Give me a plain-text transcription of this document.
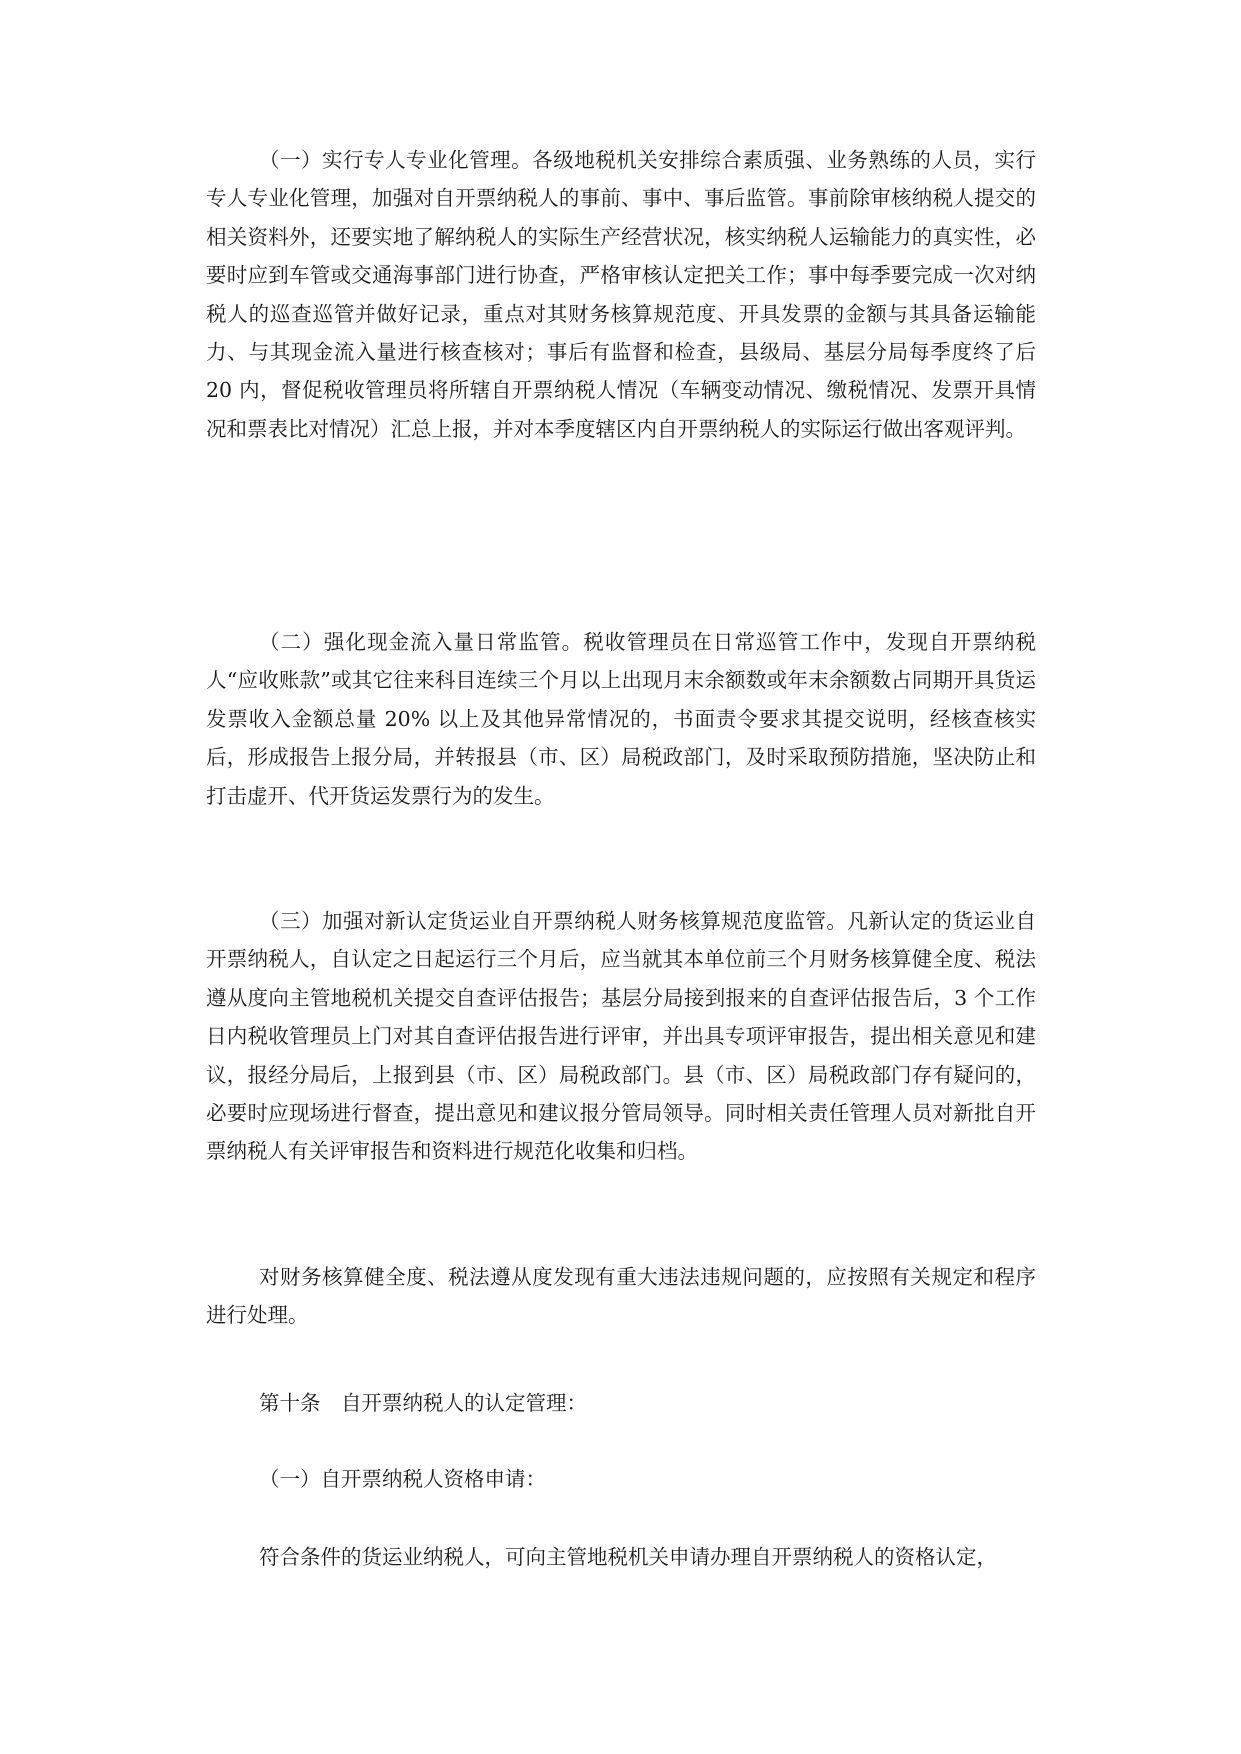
（一）实行专人专业化管理。各级地税机关安排综合素质强、业务熟练的人员，实行专人专业化管理，加强对自开票纳税人的事前、事中、事后监管。事前除审核纳税人提交的相关资料外，还要实地了解纳税人的实际生产经营状况，核实纳税人运输能力的真实性，必要时应到车管或交通海事部门进行协查，严格审核认定把关工作；事中每季要完成一次对纳税人的巡查巡管并做好记录，重点对其财务核算规范度、开具发票的金额与其具备运输能力、与其现金流入量进行核查核对；事后有监督和检查，县级局、基层分局每季度终了后 20 内，督促税收管理员将所辖自开票纳税人情况（车辆变动情况、缴税情况、发票开具情况和票表比对情况）汇总上报，并对本季度辖区内自开票纳税人的实际运行做出客观评判。

（二）强化现金流入量日常监管。税收管理员在日常巡管工作中，发现自开票纳税人“应收账款”或其它往来科目连续三个月以上出现月末余额数或年末余额数占同期开具货运发票收入金额总量 20% 以上及其他异常情况的，书面责令要求其提交说明，经核查核实后，形成报告上报分局，并转报县（市、区）局税政部门，及时采取预防措施，坚决防止和打击虚开、代开货运发票行为的发生。

（三）加强对新认定货运业自开票纳税人财务核算规范度监管。凡新认定的货运业自开票纳税人，自认定之日起运行三个月后，应当就其本单位前三个月财务核算健全度、税法遵从度向主管地税机关提交自查评估报告；基层分局接到报来的自查评估报告后，3 个工作日内税收管理员上门对其自查评估报告进行评审，并出具专项评审报告，提出相关意见和建议，报经分局后，上报到县（市、区）局税政部门。县（市、区）局税政部门存有疑问的，必要时应现场进行督查，提出意见和建议报分管局领导。同时相关责任管理人员对新批自开票纳税人有关评审报告和资料进行规范化收集和归档。

对财务核算健全度、税法遵从度发现有重大违法违规问题的，应按照有关规定和程序进行处理。

第十条　自开票纳税人的认定管理：

（一）自开票纳税人资格申请：

符合条件的货运业纳税人，可向主管地税机关申请办理自开票纳税人的资格认定，
